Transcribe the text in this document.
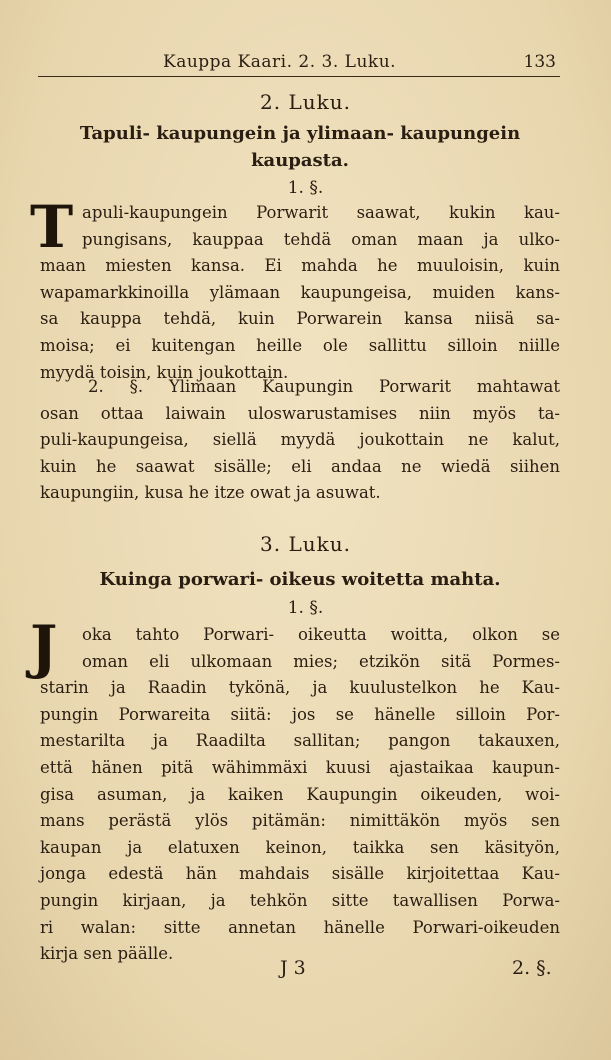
Kauppa Kaari. 2. 3. Luku.	133
2. Luku.
Tapuli- kaupungein ja ylimaan- kaupungein
kaupasta.
1. §.
T apuli-kaupungein Porwarit saawat, kukin kau-
pungisans, kauppaa tehdä oman maan ja ulko-
maan miesten kansa. Ei mahda he muuloisin, kuin
wapamarkkinoilla ylämaan kaupungeisa, muiden kans-
sa kauppa tehdä, kuin Porwarein kansa niisä sa-
moisa; ei kuitengan heille ole sallittu silloin niille
myydä toisin, kuin joukottain.
2. §. Ylimaan Kaupungin Porwarit mahtawat
osan ottaa laiwain uloswarustamises niin myös ta-
puli-kaupungeisa, siellä myydä joukottain ne kalut,
kuin he saawat sisälle; eli andaa ne wiedä siihen
kaupungiin, kusa he itze owat ja asuwat.
3. Luku.
Kuinga porwari- oikeus woitetta mahta.
1. §.
J	oka tahto Porwari- oikeutta woitta, olkon se
oman eli ulkomaan mies; etzikön sitä Pormes-
starin ja Raadin tykönä, ja kuulustelkon he Kau-
pungin Porwareita siitä: jos se hänelle silloin Por-
mestarilta ja Raadilta sallitan; pangon takauxen,
että hänen pitä wähimmäxi kuusi ajastaikaa kaupun-
gisa asuman, ja kaiken Kaupungin oikeuden, woi-
mans perästä ylös pitämän: nimittäkön myös sen
kaupan ja elatuxen keinon, taikka sen käsityön,
jonga edestä hän mahdais sisälle kirjoitettaa Kau-
pungin kirjaan, ja tehkön sitte tawallisen Porwa-
ri walan: sitte annetan hänelle Porwari-oikeuden
kirja sen päälle.
J 3	2. §.
